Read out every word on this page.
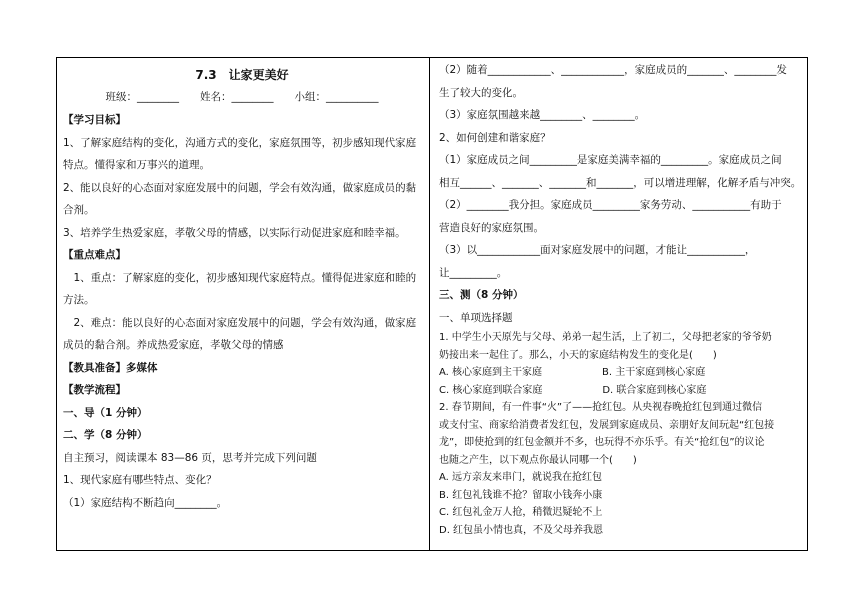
7.3　让家更美好
班级：________　　姓名：________　　小组：__________
【学习目标】
1、了解家庭结构的变化，沟通方式的变化，家庭氛围等，初步感知现代家庭
特点。懂得家和万事兴的道理。
2、能以良好的心态面对家庭发展中的问题，学会有效沟通，做家庭成员的黏
合剂。
3、培养学生热爱家庭，孝敬父母的情感，以实际行动促进家庭和睦幸福。
【重点难点】
　1、重点：了解家庭的变化，初步感知现代家庭特点。懂得促进家庭和睦的
方法。
　2、难点：能以良好的心态面对家庭发展中的问题，学会有效沟通，做家庭
成员的黏合剂。养成热爱家庭，孝敬父母的情感
【教具准备】多媒体
【教学流程】
一、导（1 分钟）
二、学（8 分钟）
自主预习，阅读课本 83—86 页，思考并完成下列问题
1、现代家庭有哪些特点、变化？
（1）家庭结构不断趋向________。
（2）随着____________、____________，家庭成员的_______、________发
生了较大的变化。
（3）家庭氛围越来越________、________。
2、如何创建和谐家庭？
（1）家庭成员之间_________是家庭美满幸福的_________。家庭成员之间
相互______、_______、_______和_______，可以增进理解，化解矛盾与冲突。
（2）________我分担。家庭成员_________家务劳动、___________有助于
营造良好的家庭氛围。
（3）以____________面对家庭发展中的问题，才能让___________，
让_________。
三、测（8 分钟）
一、单项选择题
1. 中学生小天原先与父母、弟弟一起生活，上了初二，父母把老家的爷爷奶
奶接出来一起住了。那么，小天的家庭结构发生的变化是(　　)
A. 核心家庭到主干家庭　　　　　　B. 主干家庭到核心家庭
C. 核心家庭到联合家庭　　　　　　D. 联合家庭到核心家庭
2. 春节期间，有一件事“火”了——抢红包。从央视春晚抢红包到通过微信
或支付宝、商家给消费者发红包，发展到家庭成员、亲朋好友间玩起“红包接
龙”，即使抢到的红包金额并不多，也玩得不亦乐乎。有关“抢红包”的议论
也随之产生，以下观点你最认同哪一个(　　)
A. 远方亲友来串门，就说我在抢红包
B. 红包礼钱谁不抢？留取小钱奔小康
C. 红包礼金万人抢，稍微迟疑轮不上
D. 红包虽小情也真，不及父母养我恩
